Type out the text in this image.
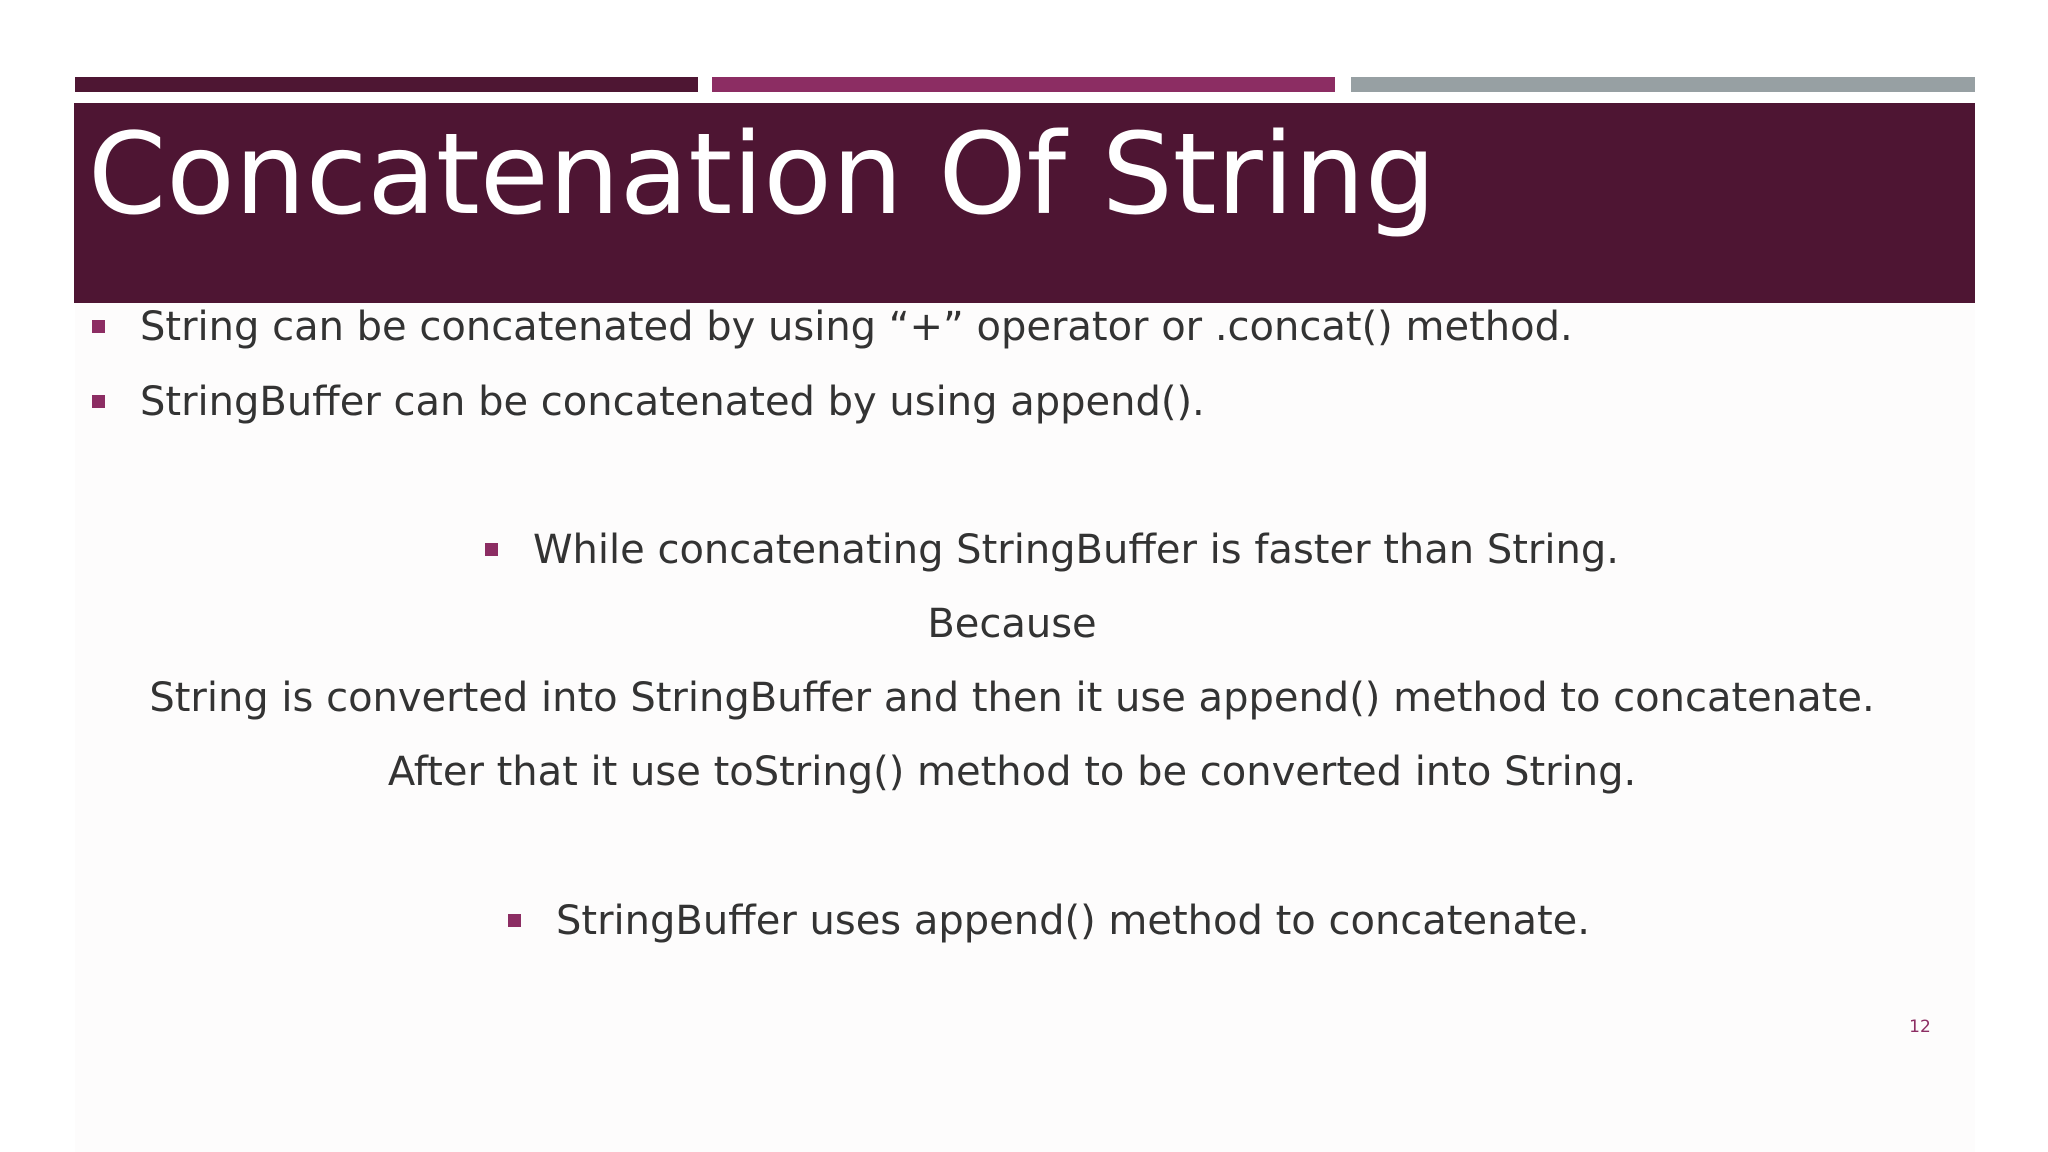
Concatenation Of String
String can be concatenated by using “+” operator or .concat() method.
StringBuffer can be concatenated by using append().
While concatenating StringBuffer is faster than String.
Because
String is converted into StringBuffer and then it use append() method to concatenate.
After that it use toString() method to be converted into String.
StringBuffer uses append() method to concatenate.
12
